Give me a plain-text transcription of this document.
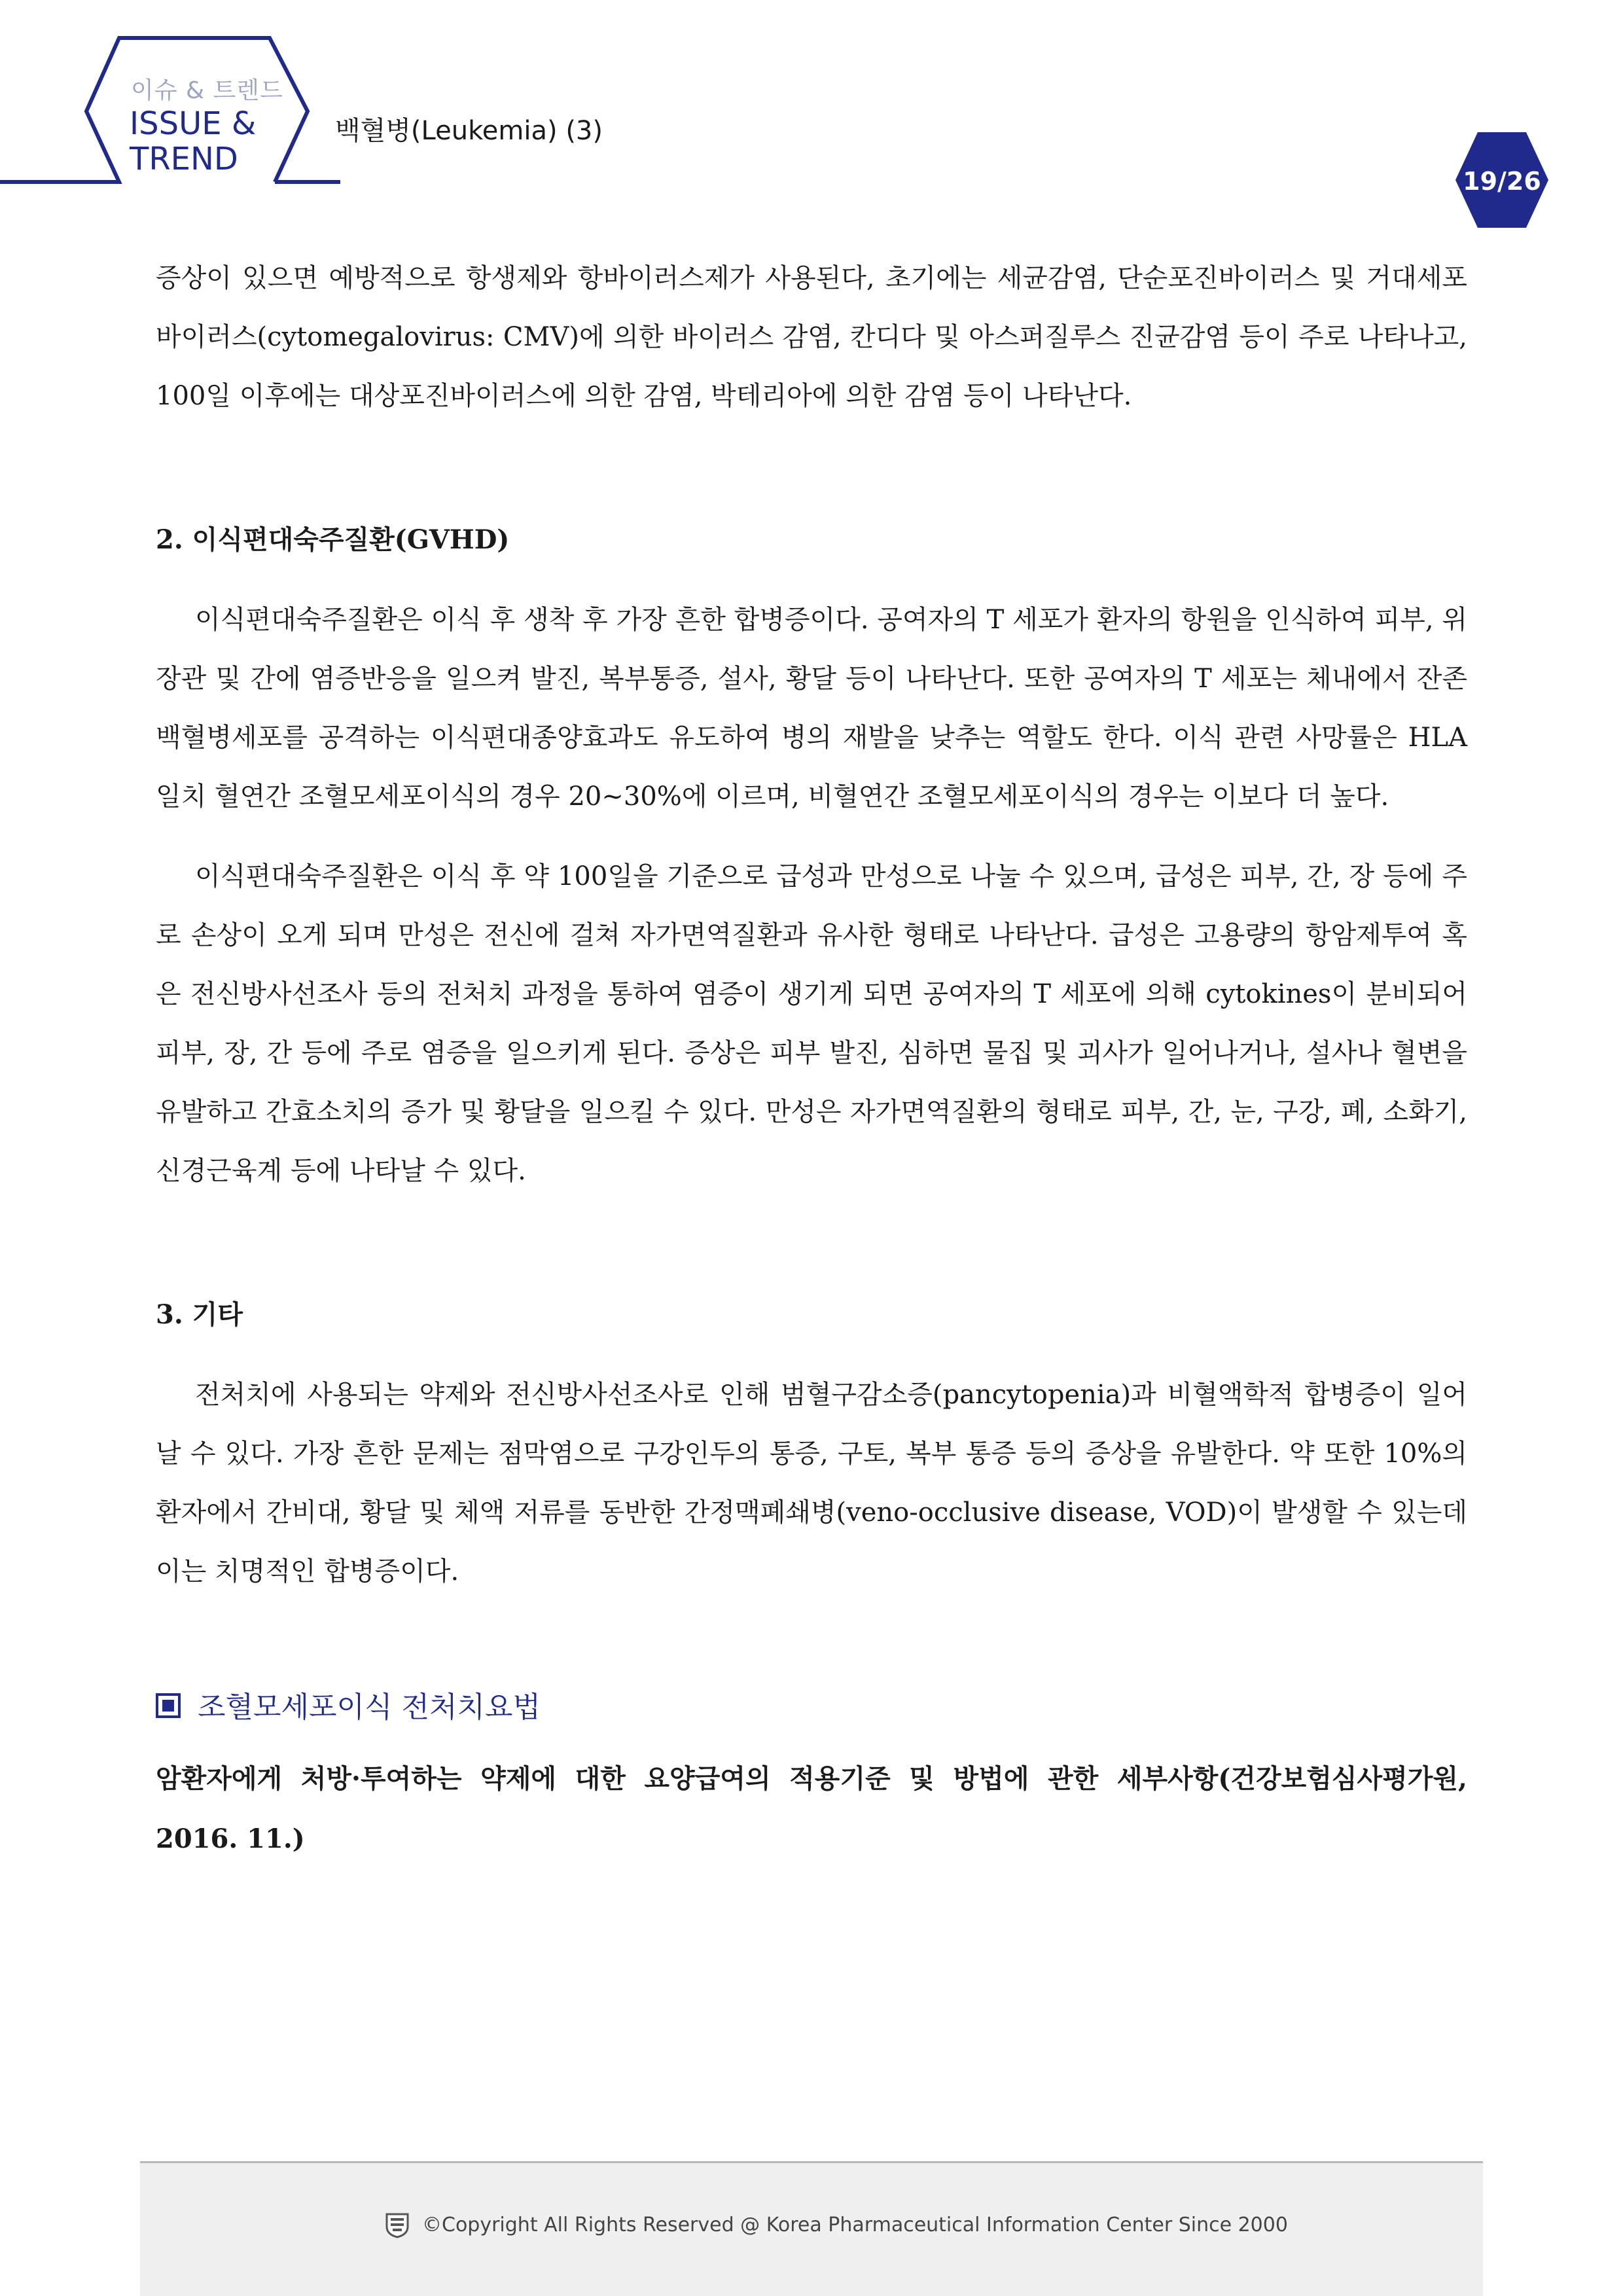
이슈 & 트렌드
ISSUE &
TREND
백혈병(Leukemia) (3)
19/26

증상이 있으면 예방적으로 항생제와 항바이러스제가 사용된다, 초기에는 세균감염, 단순포진바이러스 및 거대세포바이러스(cytomegalovirus: CMV)에 의한 바이러스 감염, 칸디다 및 아스퍼질루스 진균감염 등이 주로 나타나고, 100일 이후에는 대상포진바이러스에 의한 감염, 박테리아에 의한 감염 등이 나타난다.

2. 이식편대숙주질환(GVHD)

이식편대숙주질환은 이식 후 생착 후 가장 흔한 합병증이다. 공여자의 T 세포가 환자의 항원을 인식하여 피부, 위장관 및 간에 염증반응을 일으켜 발진, 복부통증, 설사, 황달 등이 나타난다. 또한 공여자의 T 세포는 체내에서 잔존 백혈병세포를 공격하는 이식편대종양효과도 유도하여 병의 재발을 낮추는 역할도 한다. 이식 관련 사망률은 HLA 일치 혈연간 조혈모세포이식의 경우 20~30%에 이르며, 비혈연간 조혈모세포이식의 경우는 이보다 더 높다.

이식편대숙주질환은 이식 후 약 100일을 기준으로 급성과 만성으로 나눌 수 있으며, 급성은 피부, 간, 장 등에 주로 손상이 오게 되며 만성은 전신에 걸쳐 자가면역질환과 유사한 형태로 나타난다. 급성은 고용량의 항암제투여 혹은 전신방사선조사 등의 전처치 과정을 통하여 염증이 생기게 되면 공여자의 T 세포에 의해 cytokines이 분비되어 피부, 장, 간 등에 주로 염증을 일으키게 된다. 증상은 피부 발진, 심하면 물집 및 괴사가 일어나거나, 설사나 혈변을 유발하고 간효소치의 증가 및 황달을 일으킬 수 있다. 만성은 자가면역질환의 형태로 피부, 간, 눈, 구강, 폐, 소화기, 신경근육계 등에 나타날 수 있다.

3. 기타

전처치에 사용되는 약제와 전신방사선조사로 인해 범혈구감소증(pancytopenia)과 비혈액학적 합병증이 일어날 수 있다. 가장 흔한 문제는 점막염으로 구강인두의 통증, 구토, 복부 통증 등의 증상을 유발한다. 약 또한 10%의 환자에서 간비대, 황달 및 체액 저류를 동반한 간정맥폐쇄병(veno-occlusive disease, VOD)이 발생할 수 있는데 이는 치명적인 합병증이다.

조혈모세포이식 전처치요법

암환자에게 처방·투여하는 약제에 대한 요양급여의 적용기준 및 방법에 관한 세부사항(건강보험심사평가원, 2016. 11.)

©Copyright All Rights Reserved @ Korea Pharmaceutical Information Center Since 2000
